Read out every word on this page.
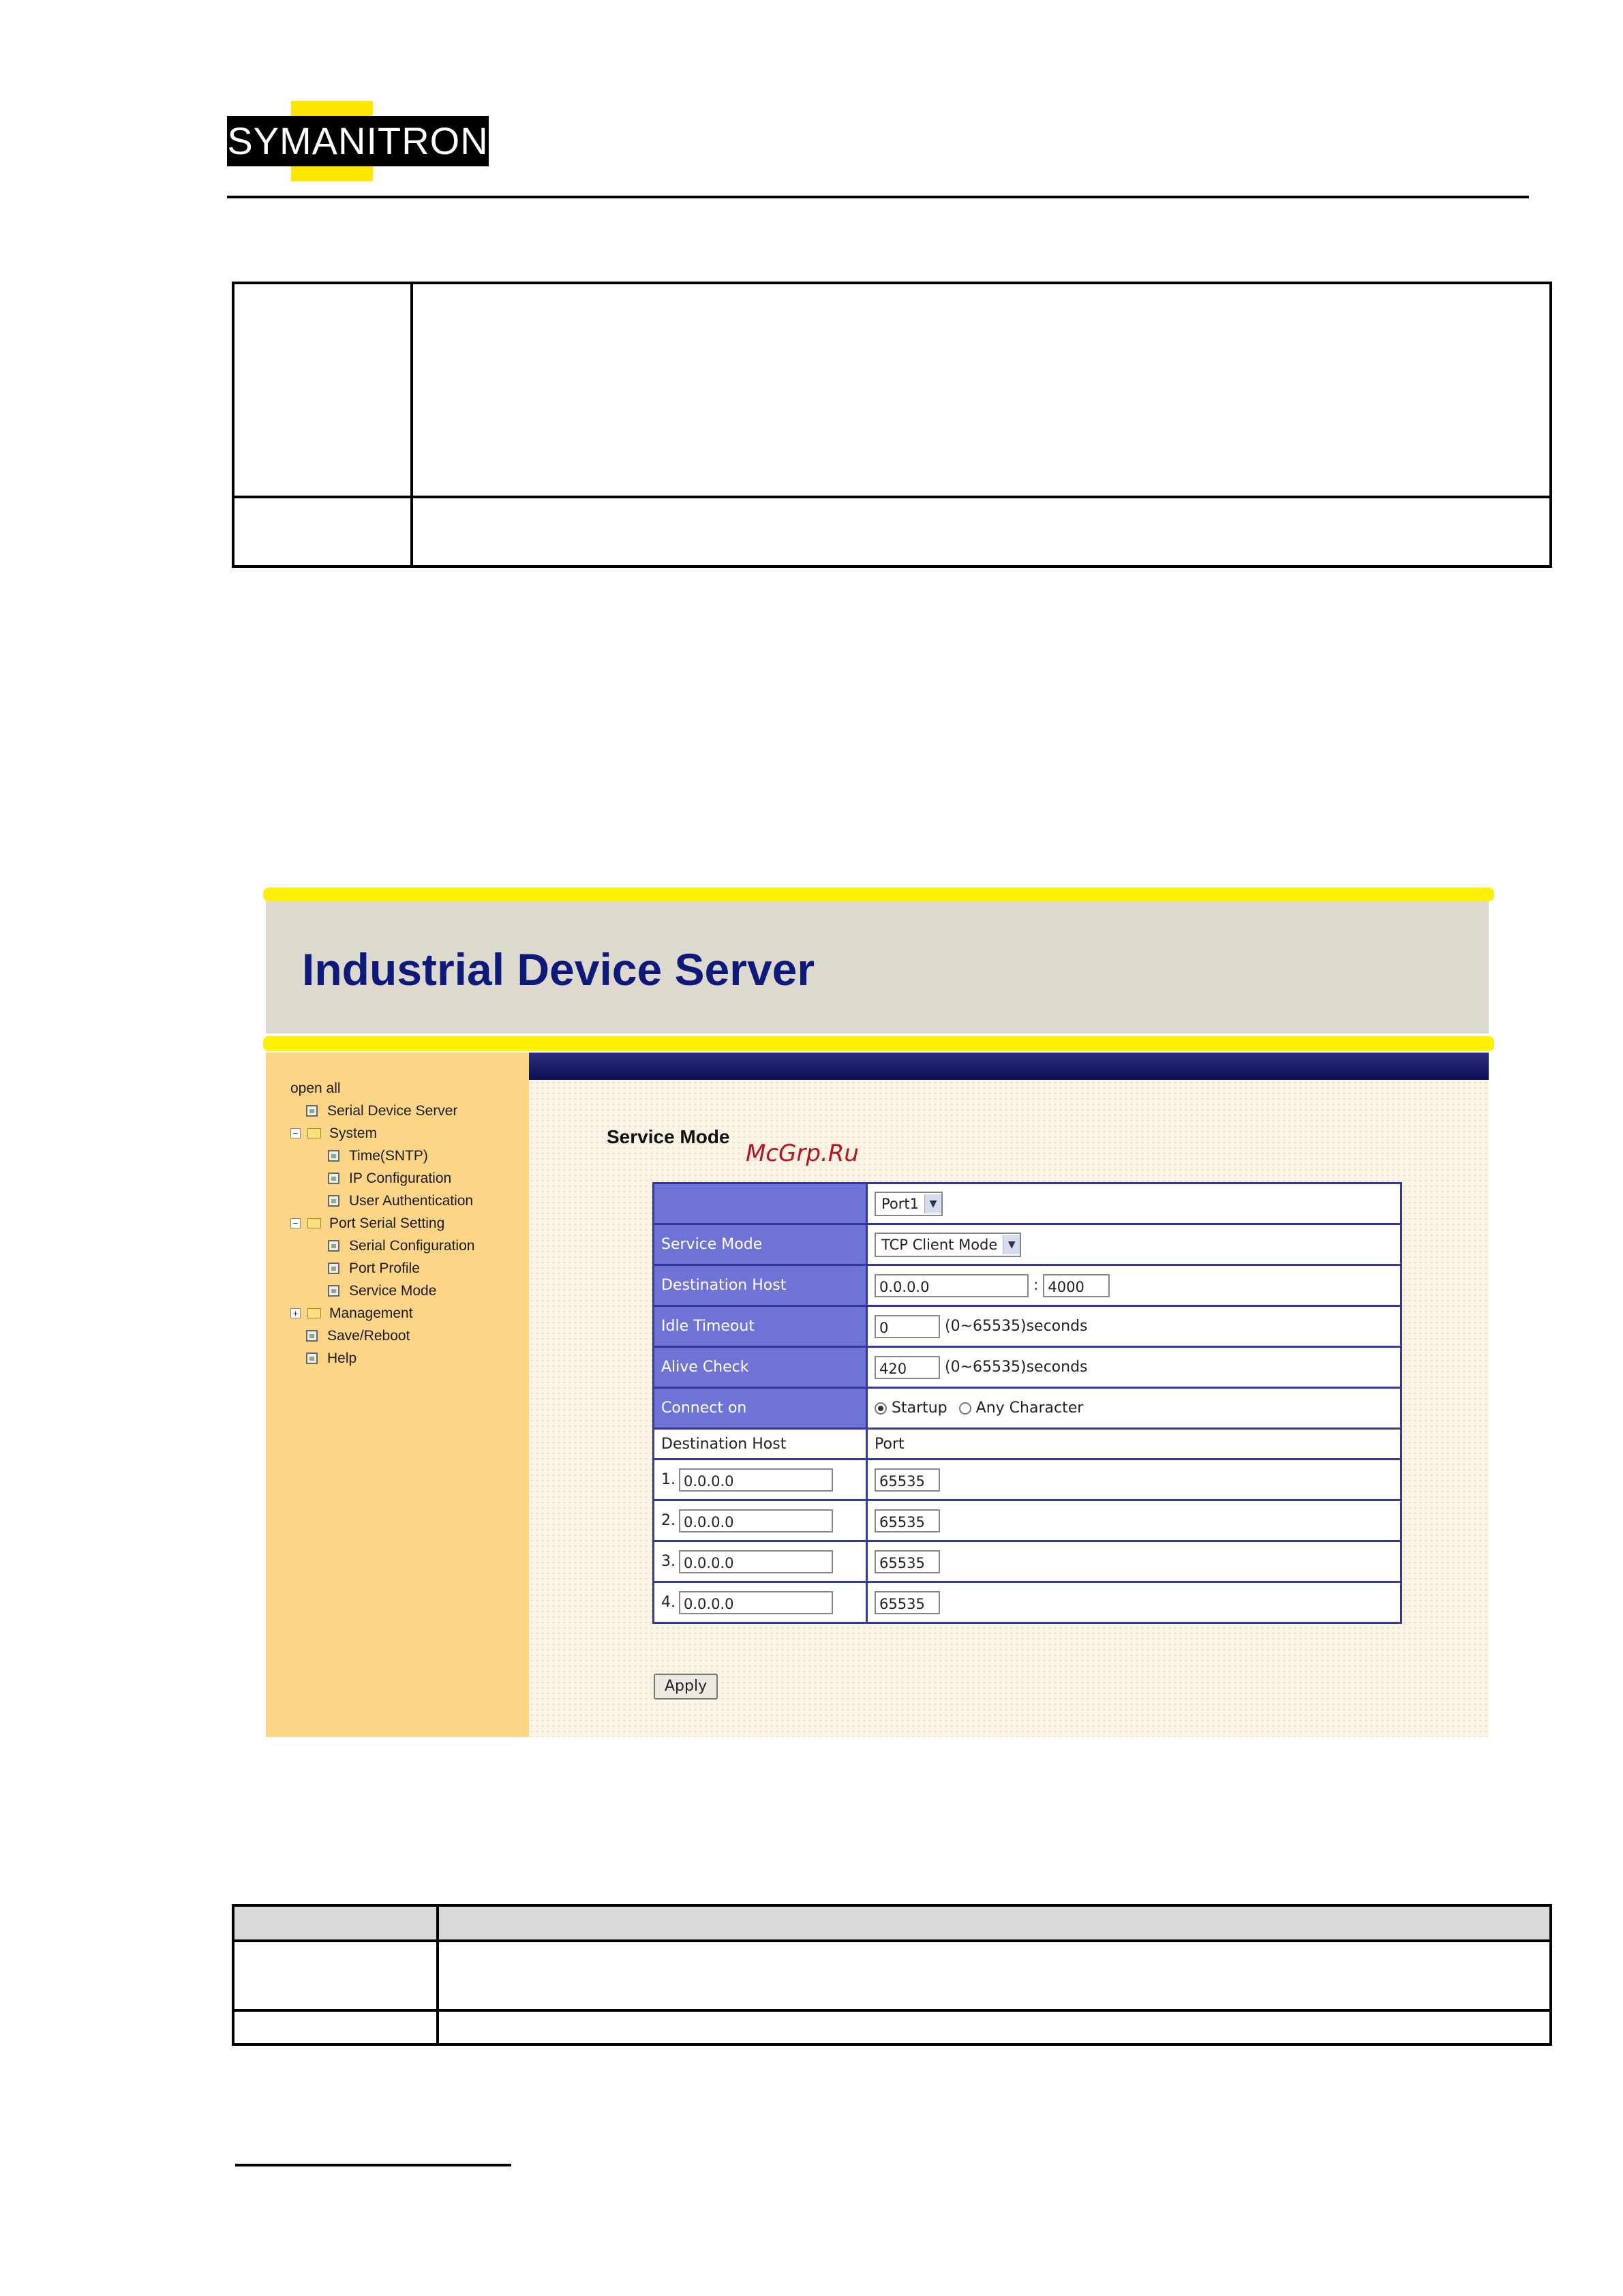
SYMANITRON

Industrial Device Server
open all
Serial Device Server
− System
Time(SNTP)
IP Configuration
User Authentication
− Port Serial Setting
Serial Configuration
Port Profile
Service Mode
+ Management
Save/Reboot
Help
Service Mode
McGrp.Ru

	Port1 ▼

Service Mode	TCP Client Mode ▼

Destination Host	0.0.0.0 : 4000
Idle Timeout	0 (0~65535)seconds
Alive Check	420 (0~65535)seconds
Connect on	Startup Any Character
Destination Host	Port
1. 0.0.0.0	65535
2. 0.0.0.0	65535
3. 0.0.0.0	65535
4. 0.0.0.0	65535
Apply
